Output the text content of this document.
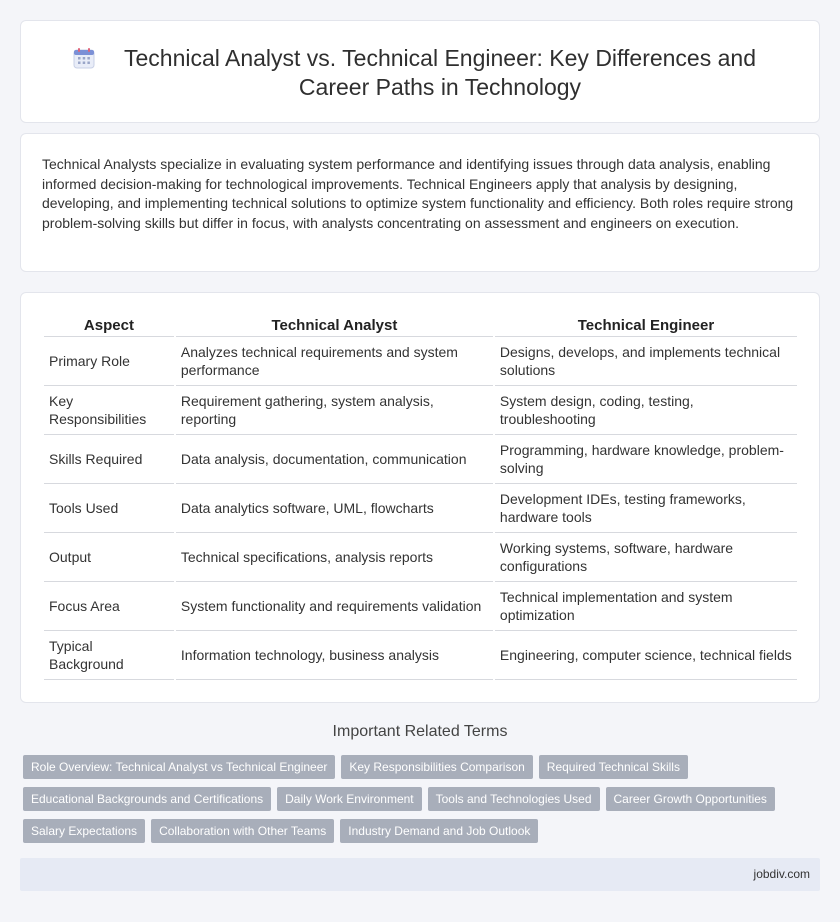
Technical Analyst vs. Technical Engineer: Key Differences and Career Paths in Technology

Technical Analysts specialize in evaluating system performance and identifying issues through data analysis, enabling informed decision-making for technological improvements. Technical Engineers apply that analysis by designing, developing, and implementing technical solutions to optimize system functionality and efficiency. Both roles require strong problem-solving skills but differ in focus, with analysts concentrating on assessment and engineers on execution.

Aspect	Technical Analyst	Technical Engineer
Primary Role	Analyzes technical requirements and system performance	Designs, develops, and implements technical solutions
Key Responsibilities	Requirement gathering, system analysis, reporting	System design, coding, testing, troubleshooting
Skills Required	Data analysis, documentation, communication	Programming, hardware knowledge, problem-solving
Tools Used	Data analytics software, UML, flowcharts	Development IDEs, testing frameworks, hardware tools
Output	Technical specifications, analysis reports	Working systems, software, hardware configurations
Focus Area	System functionality and requirements validation	Technical implementation and system optimization
Typical Background	Information technology, business analysis	Engineering, computer science, technical fields
Important Related Terms
Role Overview: Technical Analyst vs Technical Engineer	Key Responsibilities Comparison	Required Technical Skills
Educational Backgrounds and Certifications	Daily Work Environment	Tools and Technologies Used	Career Growth Opportunities
Salary Expectations	Collaboration with Other Teams	Industry Demand and Job Outlook
jobdiv.com
